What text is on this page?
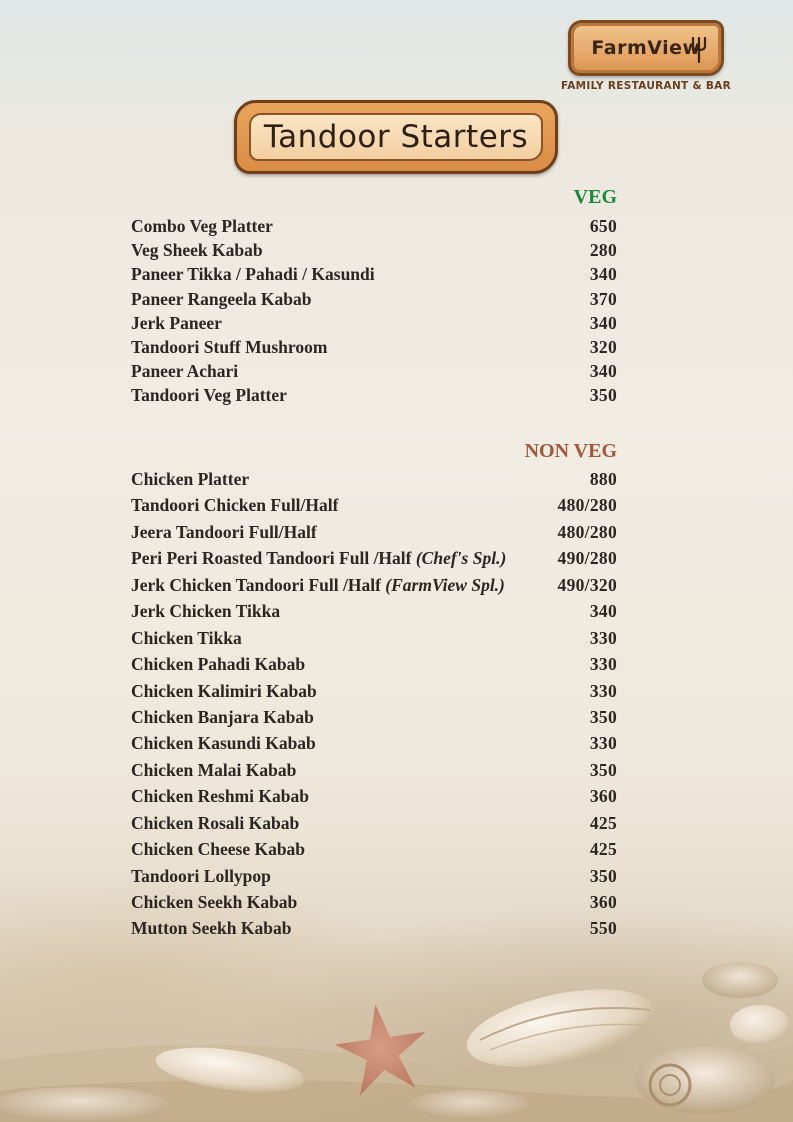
FarmView
FAMILY RESTAURANT & BAR
Tandoor Starters
VEG
Combo Veg Platter	650
Veg Sheek Kabab	280
Paneer Tikka / Pahadi / Kasundi	340
Paneer Rangeela Kabab	370
Jerk Paneer	340
Tandoori Stuff Mushroom	320
Paneer Achari	340
Tandoori Veg Platter	350
NON VEG
Chicken Platter	880
Tandoori Chicken Full/Half	480/280
Jeera Tandoori Full/Half	480/280
Peri Peri Roasted Tandoori Full /Half (Chef's Spl.)	490/280
Jerk Chicken Tandoori Full /Half (FarmView Spl.)	490/320
Jerk Chicken Tikka	340
Chicken Tikka	330
Chicken Pahadi Kabab	330
Chicken Kalimiri Kabab	330
Chicken Banjara Kabab	350
Chicken Kasundi Kabab	330
Chicken Malai Kabab	350
Chicken Reshmi Kabab	360
Chicken Rosali Kabab	425
Chicken Cheese Kabab	425
Tandoori Lollypop	350
Chicken Seekh Kabab	360
Mutton Seekh Kabab	550
